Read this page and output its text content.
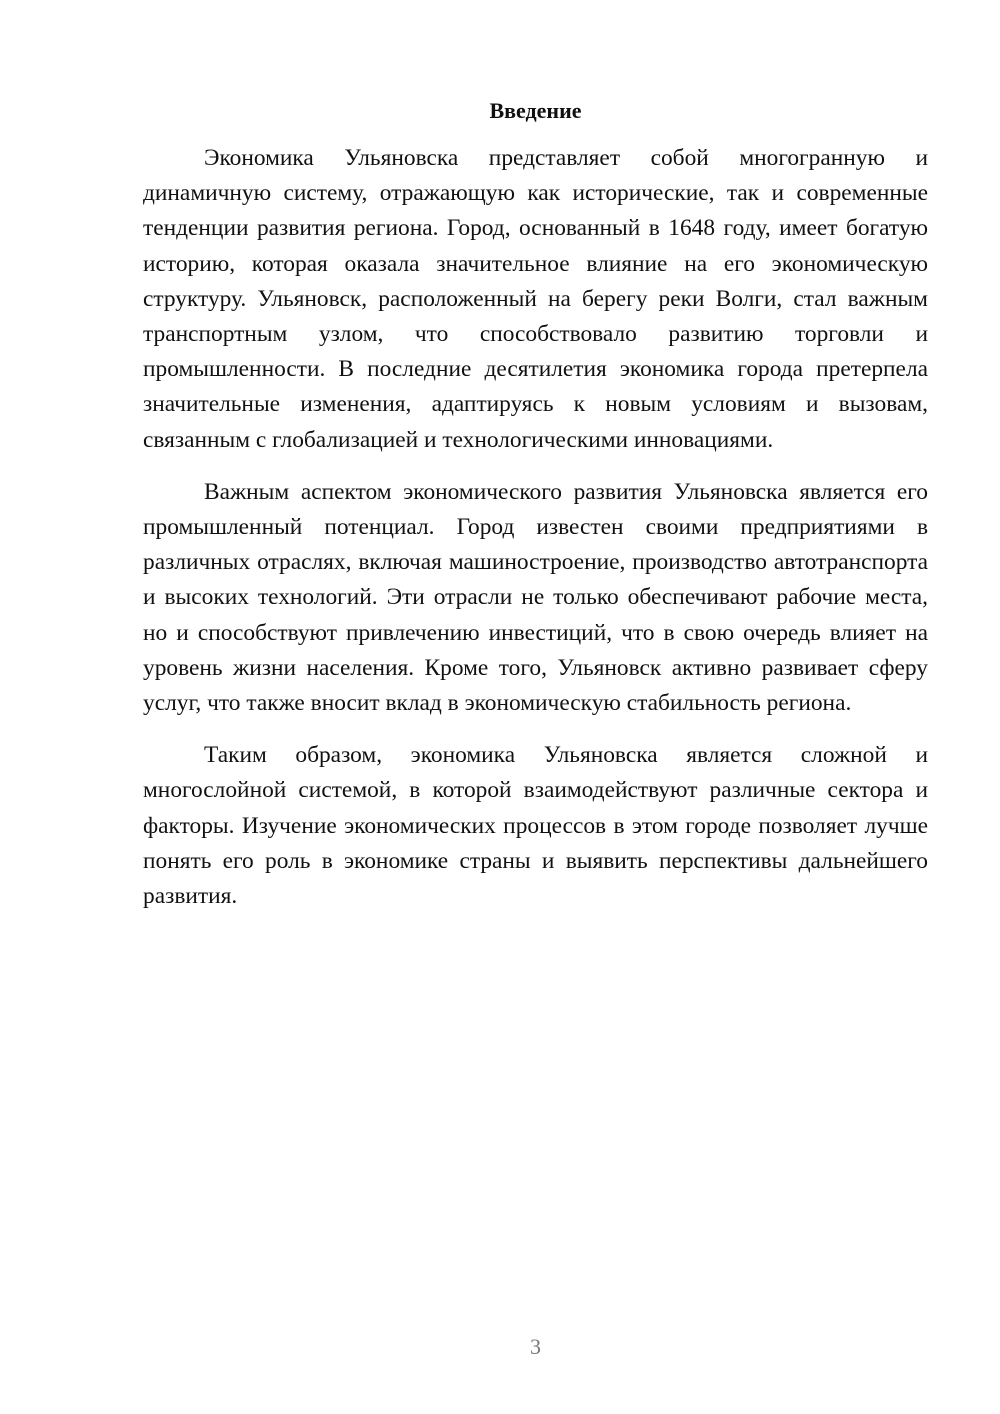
Введение

Экономика Ульяновска представляет собой многогранную и динамичную систему, отражающую как исторические, так и современные тенденции развития региона. Город, основанный в 1648 году, имеет богатую историю, которая оказала значительное влияние на его экономическую структуру. Ульяновск, расположенный на берегу реки Волги, стал важным транспортным узлом, что способствовало развитию торговли и промышленности. В последние десятилетия экономика города претерпела значительные изменения, адаптируясь к новым условиям и вызовам, связанным с глобализацией и технологическими инновациями.

Важным аспектом экономического развития Ульяновска является его промышленный потенциал. Город известен своими предприятиями в различных отраслях, включая машиностроение, производство автотранспорта и высоких технологий. Эти отрасли не только обеспечивают рабочие места, но и способствуют привлечению инвестиций, что в свою очередь влияет на уровень жизни населения. Кроме того, Ульяновск активно развивает сферу услуг, что также вносит вклад в экономическую стабильность региона.

Таким образом, экономика Ульяновска является сложной и многослойной системой, в которой взаимодействуют различные сектора и факторы. Изучение экономических процессов в этом городе позволяет лучше понять его роль в экономике страны и выявить перспективы дальнейшего развития.

3
